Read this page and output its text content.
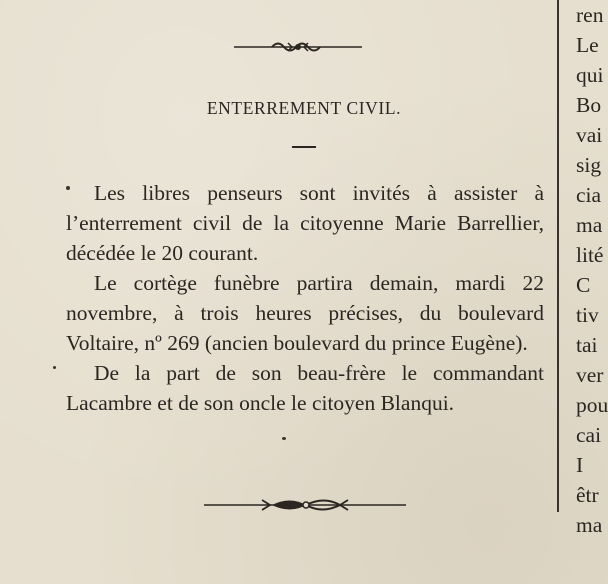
ENTERREMENT CIVIL.

Les libres penseurs sont invités à assister à l’enterrement civil de la citoyenne Marie Barrellier, décédée le 20 courant.

Le cortège funèbre partira demain, mardi 22 novembre, à trois heures précises, du boulevard Voltaire, nº 269 (ancien boulevard du prince Eugène).

De la part de son beau-frère le commandant Lacambre et de son oncle le citoyen Blanqui.

ren
Le
qui
Bo
vai
sig
cia
ma
lité
C
tiv
tai
ver
pou
cai
I
êtr
ma
